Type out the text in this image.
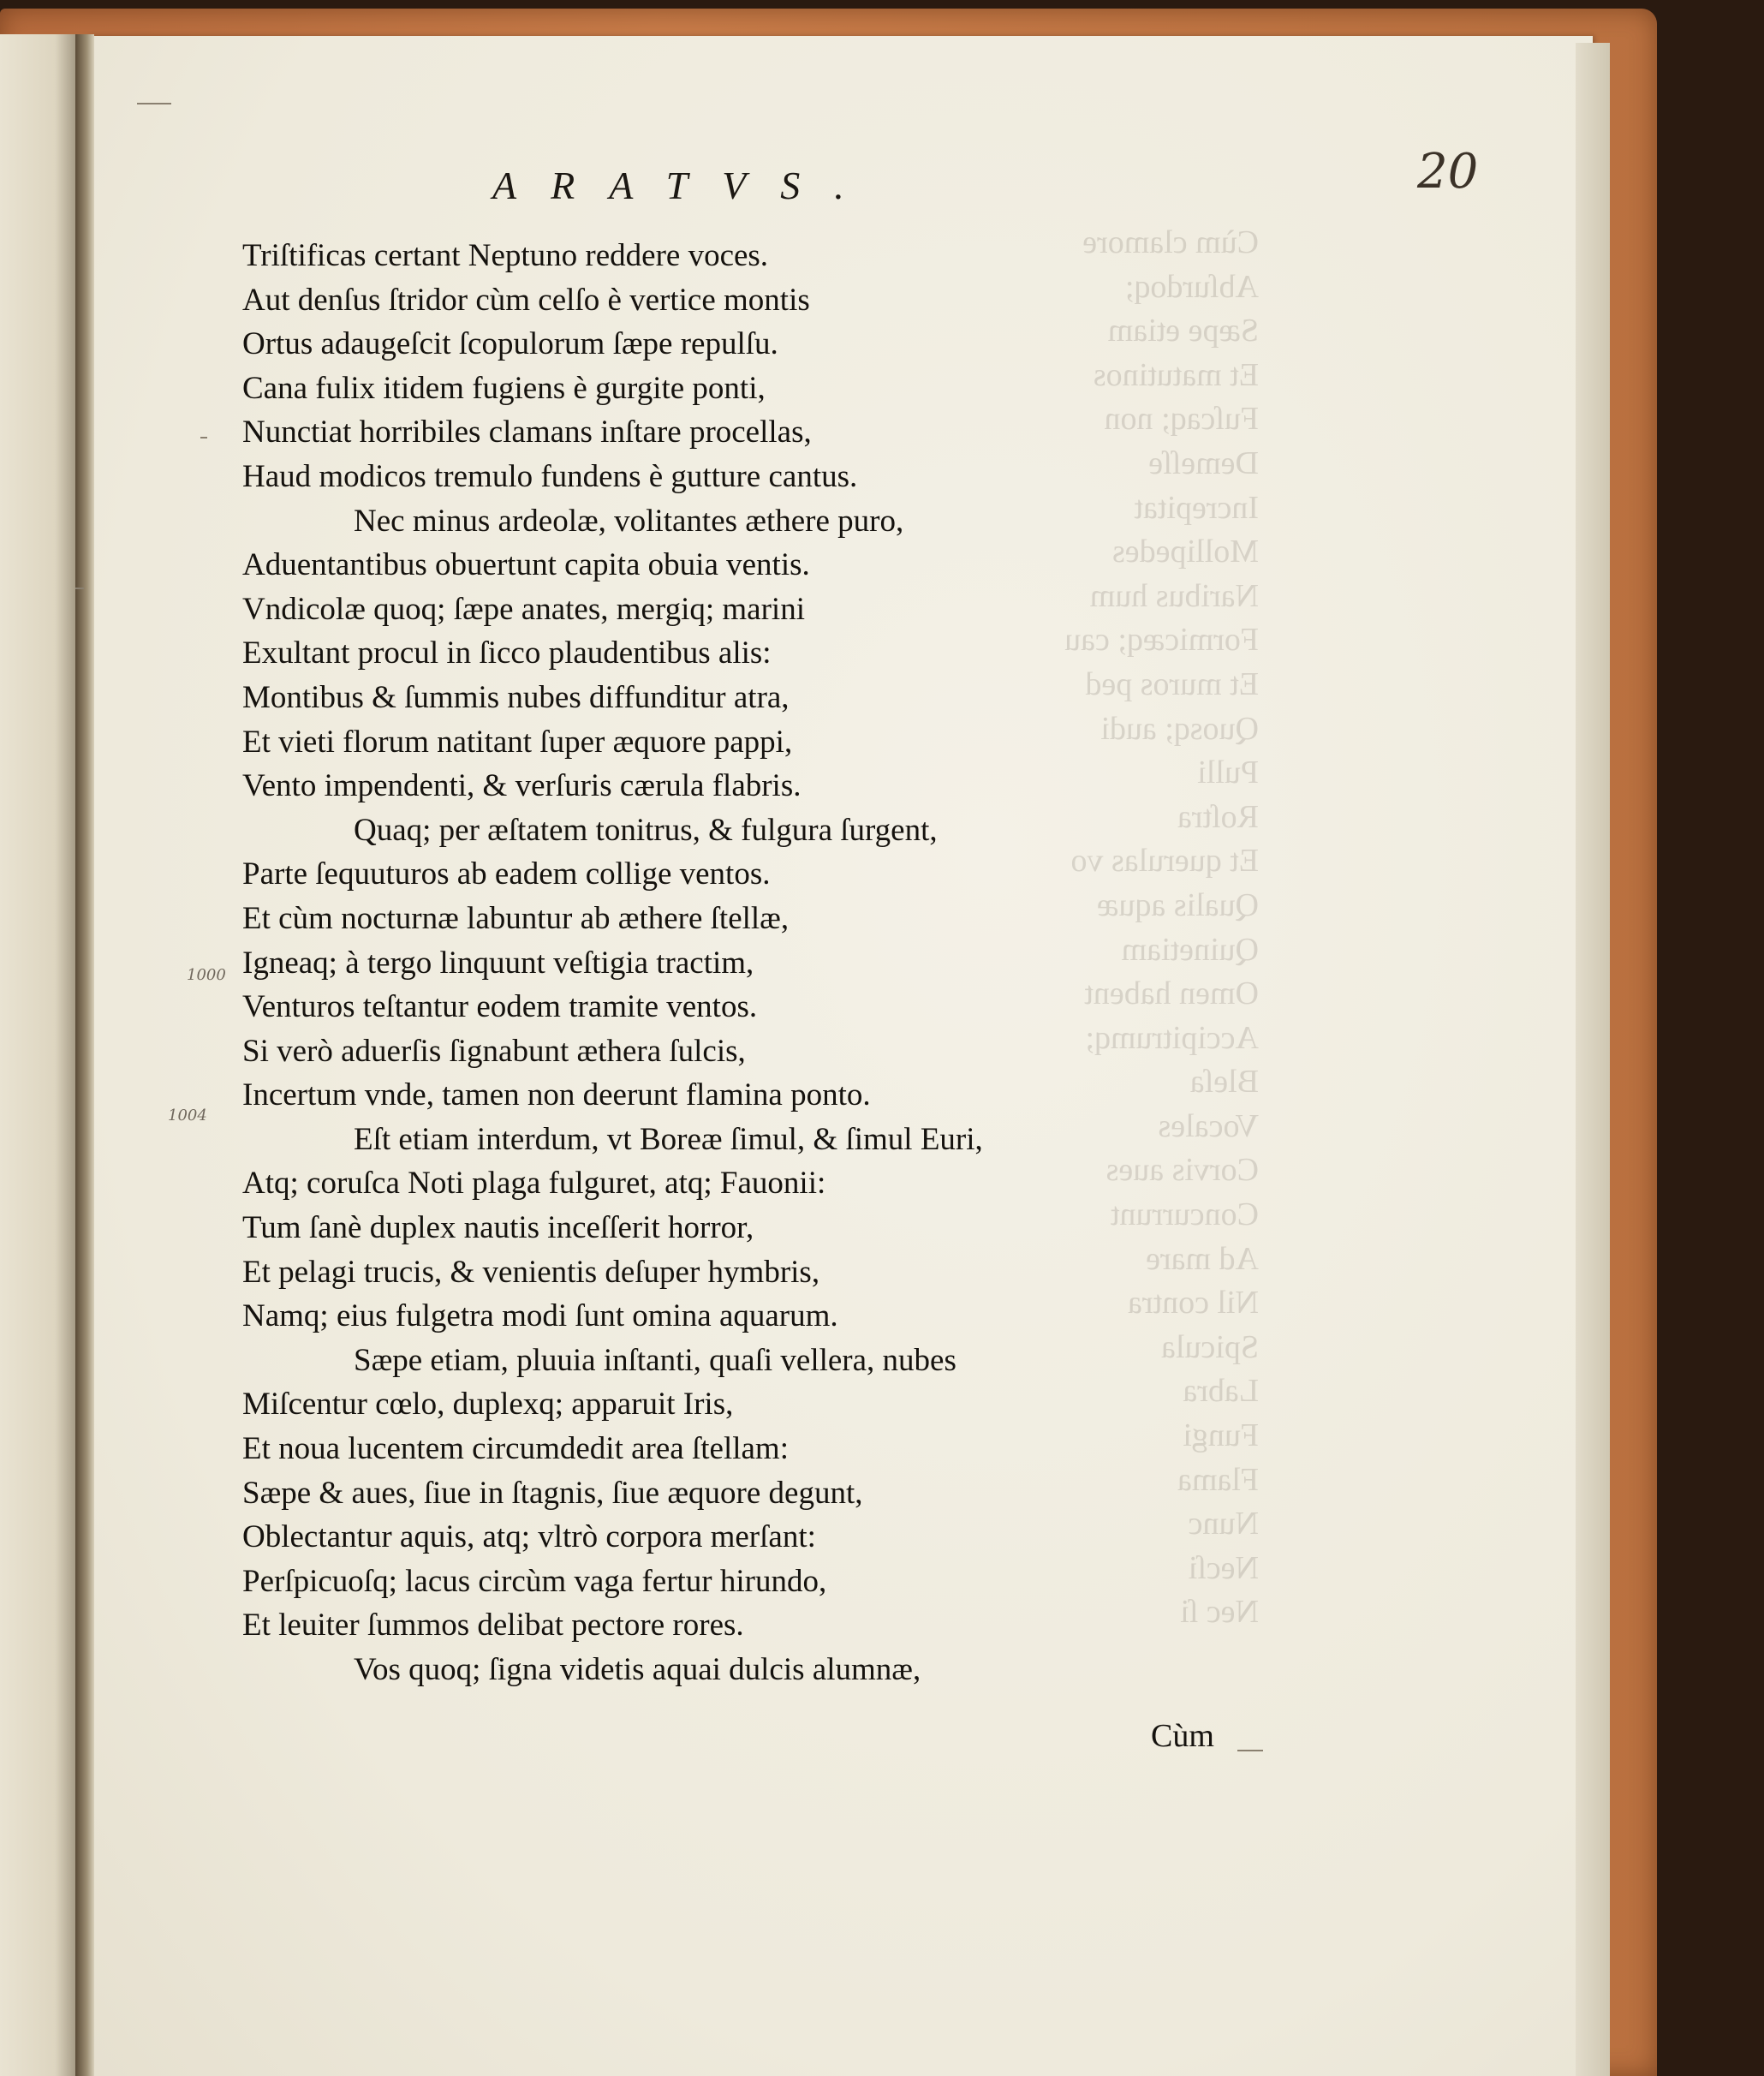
Cùm clamore
Abſurdoq;
Sæpe etiam
Et matutinos
Fuſcaq; non
Demeſſe
Increpitat
Mollipedes
Naribus hum
Formicæq; cau
Et muros ped
Quosq; audi
Pulli
Roſtra
Et querulas vo
Qualis aquæ
Quinetiam
Omen habent
Accipitrumq;
Bleſa
Vocales
Corvis aues
Concurrunt
Ad mare
Nil contra
Spicula
Labra
Fungi
Flama
Nunc
Necſi
Nec ſi
ARATVS.	20
Triſtificas certant Neptuno reddere voces.
Aut denſus ſtridor cùm celſo è vertice montis
Ortus adaugeſcit ſcopulorum ſæpe repulſu.
Cana fulix itidem fugiens è gurgite ponti,
Nunctiat horribiles clamans inſtare procellas,
Haud modicos tremulo fundens è gutture cantus.
Nec minus ardeolæ, volitantes æthere puro,
Aduentantibus obuertunt capita obuia ventis.
Vndicolæ quoq; ſæpe anates, mergiq; marini
Exultant procul in ſicco plaudentibus alis:
Montibus & ſummis nubes diffunditur atra,
Et vieti florum natitant ſuper æquore pappi,
Vento impendenti, & verſuris cærula flabris.
Quaq; per æſtatem tonitrus, & fulgura ſurgent,
Parte ſequuturos ab eadem collige ventos.
Et cùm nocturnæ labuntur ab æthere ſtellæ,
Igneaq; à tergo linquunt veſtigia tractim,
Venturos teſtantur eodem tramite ventos.
Si verò aduerſis ſignabunt æthera ſulcis,
Incertum vnde, tamen non deerunt flamina ponto.
Eſt etiam interdum, vt Boreæ ſimul, & ſimul Euri,
Atq; coruſca Noti plaga fulguret, atq; Fauonii:
Tum ſanè duplex nautis inceſſerit horror,
Et pelagi trucis, & venientis deſuper hymbris,
Namq; eius fulgetra modi ſunt omina aquarum.
Sæpe etiam, pluuia inſtanti, quaſi vellera, nubes
Miſcentur cœlo, duplexq; apparuit Iris,
Et noua lucentem circumdedit area ſtellam:
Sæpe & aues, ſiue in ſtagnis, ſiue æquore degunt,
Oblectantur aquis, atq; vltrò corpora merſant:
Perſpicuoſq; lacus circùm vaga fertur hirundo,
Et leuiter ſummos delibat pectore rores.
Vos quoq; ſigna videtis aquai dulcis alumnæ,
Cùm
1000
1004
